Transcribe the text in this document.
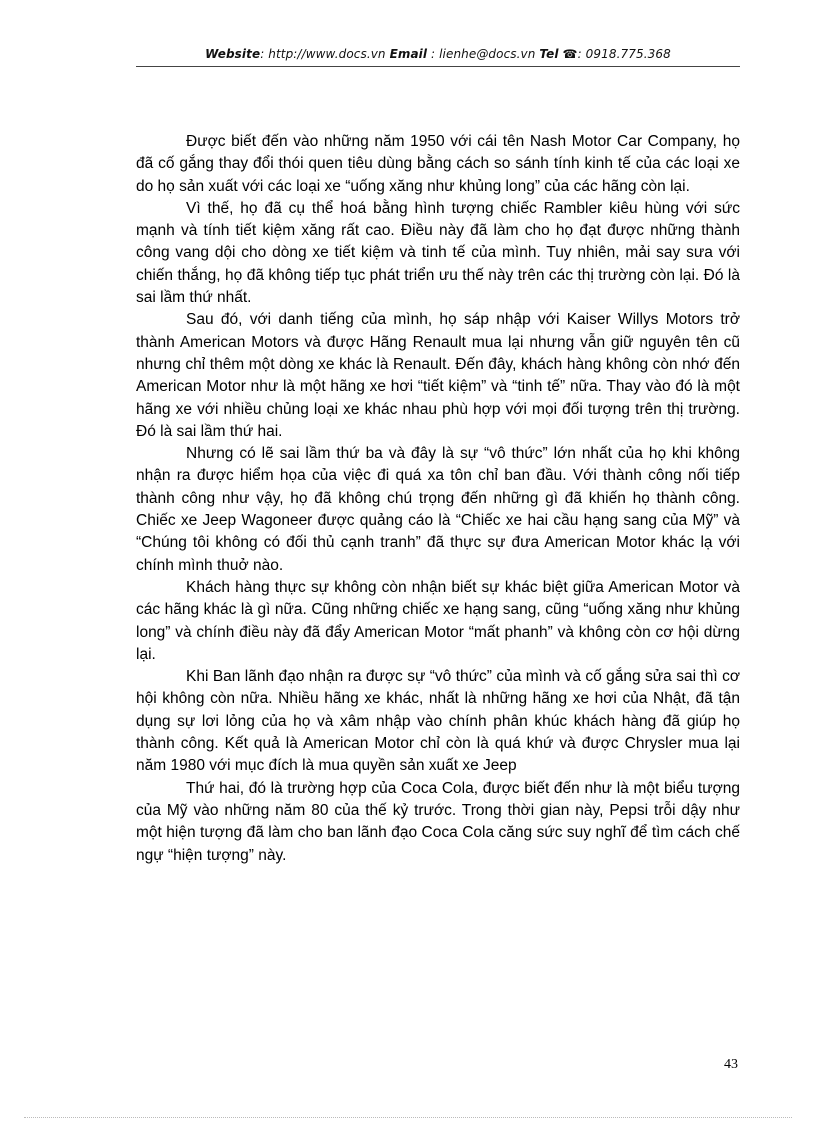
Website: http://www.docs.vn Email : lienhe@docs.vn Tel ☎: 0918.775.368

Được biết đến vào những năm 1950 với cái tên Nash Motor Car Company, họ đã cố gắng thay đổi thói quen tiêu dùng bằng cách so sánh tính kinh tế của các loại xe do họ sản xuất với các loại xe “uống xăng như khủng long” của các hãng còn lại.

Vì thế, họ đã cụ thể hoá bằng hình tượng chiếc Rambler kiêu hùng với sức mạnh và tính tiết kiệm xăng rất cao. Điều này đã làm cho họ đạt được những thành công vang dội cho dòng xe tiết kiệm và tinh tế của mình. Tuy nhiên, mải say sưa với chiến thắng, họ đã không tiếp tục phát triển ưu thế này trên các thị trường còn lại. Đó là sai lầm thứ nhất.

Sau đó, với danh tiếng của mình, họ sáp nhập với Kaiser Willys Motors trở thành American Motors và được Hãng Renault mua lại nhưng vẫn giữ nguyên tên cũ nhưng chỉ thêm một dòng xe khác là Renault. Đến đây, khách hàng không còn nhớ đến American Motor như là một hãng xe hơi “tiết kiệm” và “tinh tế” nữa. Thay vào đó là một hãng xe với nhiều chủng loại xe khác nhau phù hợp với mọi đối tượng trên thị trường. Đó là sai lầm thứ hai.

Nhưng có lẽ sai lầm thứ ba và đây là sự “vô thức” lớn nhất của họ khi không nhận ra được hiểm họa của việc đi quá xa tôn chỉ ban đầu. Với thành công nối tiếp thành công như vậy, họ đã không chú trọng đến những gì đã khiến họ thành công. Chiếc xe Jeep Wagoneer được quảng cáo là “Chiếc xe hai cầu hạng sang của Mỹ” và “Chúng tôi không có đối thủ cạnh tranh” đã thực sự đưa American Motor khác lạ với chính mình thuở nào.

Khách hàng thực sự không còn nhận biết sự khác biệt giữa American Motor và các hãng khác là gì nữa. Cũng những chiếc xe hạng sang, cũng “uống xăng như khủng long” và chính điều này đã đẩy American Motor “mất phanh” và không còn cơ hội dừng lại.

Khi Ban lãnh đạo nhận ra được sự “vô thức” của mình và cố gắng sửa sai thì cơ hội không còn nữa. Nhiều hãng xe khác, nhất là những hãng xe hơi của Nhật, đã tận dụng sự lơi lỏng của họ và xâm nhập vào chính phân khúc khách hàng đã giúp họ thành công. Kết quả là American Motor chỉ còn là quá khứ và được Chrysler mua lại năm 1980 với mục đích là mua quyền sản xuất xe Jeep

Thứ hai, đó là trường hợp của Coca Cola, được biết đến như là một biểu tượng của Mỹ vào những năm 80 của thế kỷ trước. Trong thời gian này, Pepsi trỗi dậy như một hiện tượng đã làm cho ban lãnh đạo Coca Cola căng sức suy nghĩ để tìm cách chế ngự “hiện tượng” này.

43
